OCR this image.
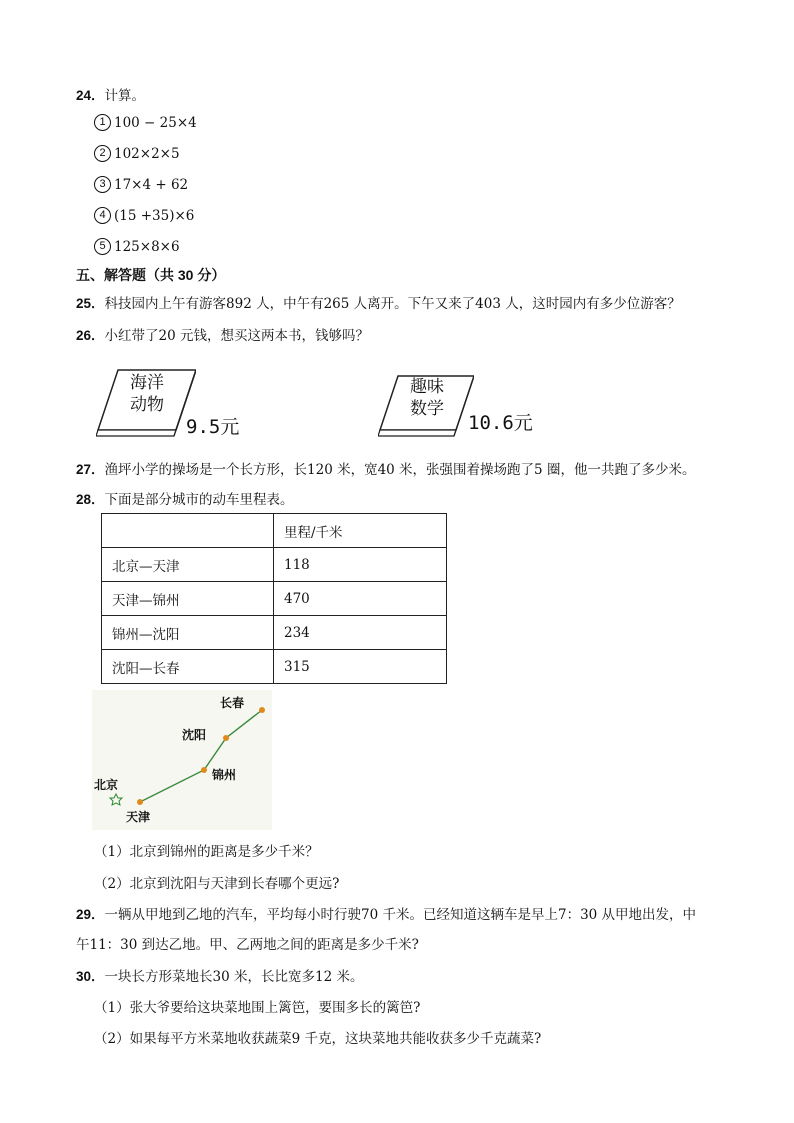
24．计算。
1 100 − 25×4
2 102×2×5
3 17×4 + 62
4 (15 +35)×6
5 125×8×6
五、解答题（共 30 分）
25．科技园内上午有游客892 人，中午有265 人离开。下午又来了403 人，这时园内有多少位游客？
26．小红带了20 元钱，想买这两本书，钱够吗？
海洋
动物
9.5元
趣味
数学
10.6元
27．渔坪小学的操场是一个长方形，长120 米，宽40 米，张强围着操场跑了5 圈，他一共跑了多少米。
28．下面是部分城市的动车里程表。
	里程/千米
北京—天津	118
天津—锦州	470
锦州—沈阳	234
沈阳—长春	315
长春
沈阳
锦州
北京
天津
（1）北京到锦州的距离是多少千米？
（2）北京到沈阳与天津到长春哪个更远?
29．一辆从甲地到乙地的汽车，平均每小时行驶70 千米。已经知道这辆车是早上7：30 从甲地出发，中
午11：30 到达乙地。甲、乙两地之间的距离是多少千米?
30．一块长方形菜地长30 米，长比宽多12 米。
（1）张大爷要给这块菜地围上篱笆，要围多长的篱笆?
（2）如果每平方米菜地收获蔬菜9 千克，这块菜地共能收获多少千克蔬菜?
